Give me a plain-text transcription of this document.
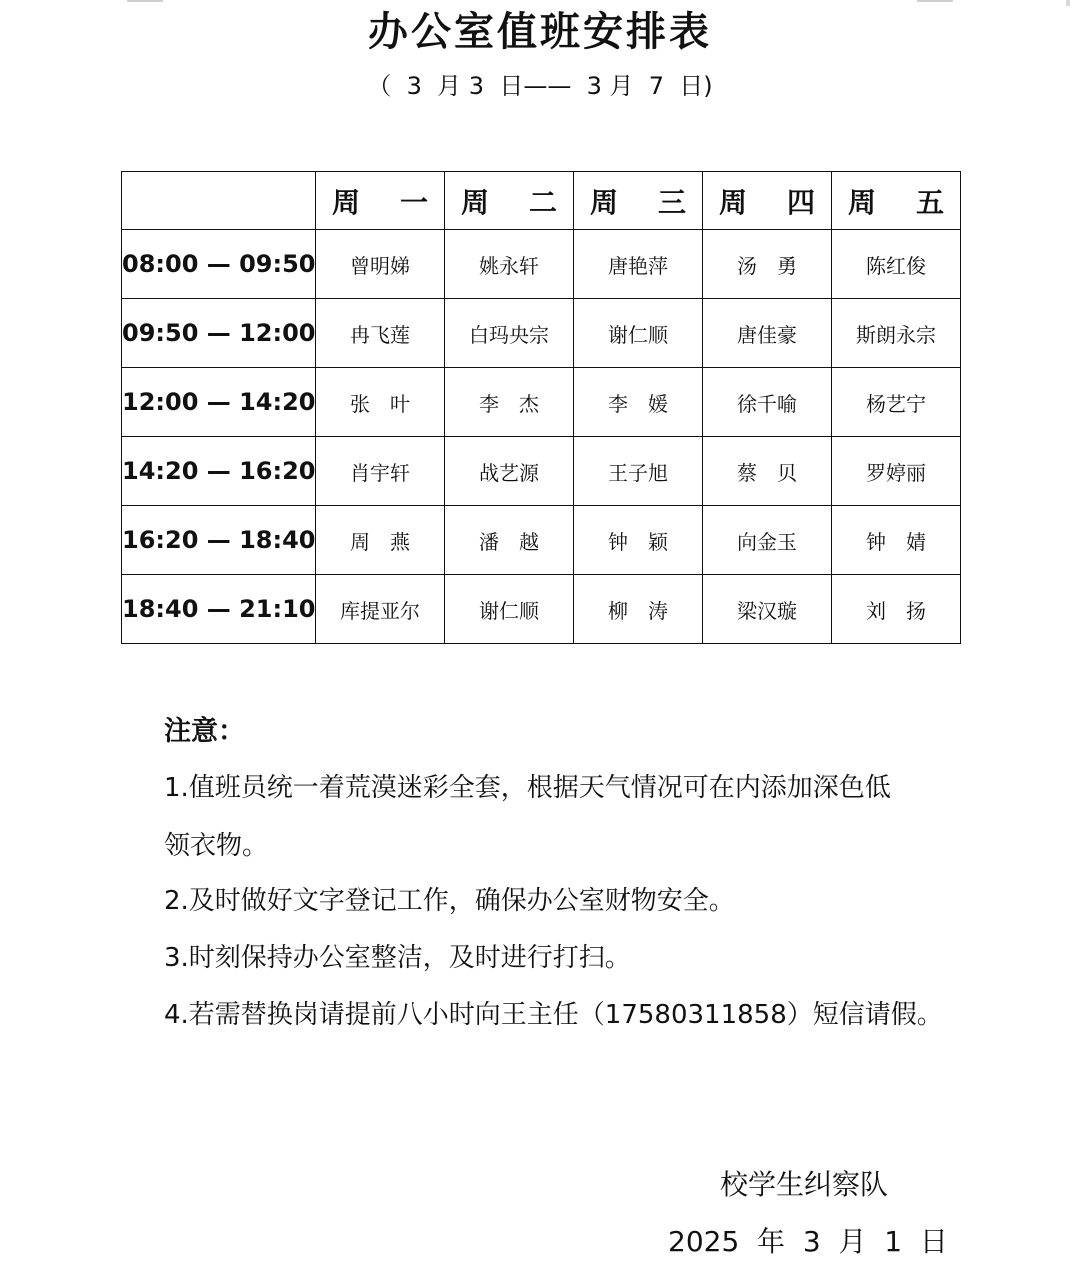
办公室值班安排表
（  3  月 3  日——  3 月  7  日)
	周　一	周　二	周　三	周　四	周　五
08:00 — 09:50	曾明娣	姚永轩	唐艳萍	汤　勇	陈红俊
09:50 — 12:00	冉飞莲	白玛央宗	谢仁顺	唐佳豪	斯朗永宗
12:00 — 14:20	张　叶	李　杰	李　媛	徐千喻	杨艺宁
14:20 — 16:20	肖宇轩	战艺源	王子旭	蔡　贝	罗婷丽
16:20 — 18:40	周　燕	潘　越	钟　颖	向金玉	钟　婧
18:40 — 21:10	库提亚尔	谢仁顺	柳　涛	梁汉璇	刘　扬
注意：
1.值班员统一着荒漠迷彩全套，根据天气情况可在内添加深色低
领衣物。
2.及时做好文字登记工作，确保办公室财物安全。
3.时刻保持办公室整洁，及时进行打扫。
4.若需替换岗请提前八小时向王主任（17580311858）短信请假。
校学生纠察队
2025  年  3  月  1  日
